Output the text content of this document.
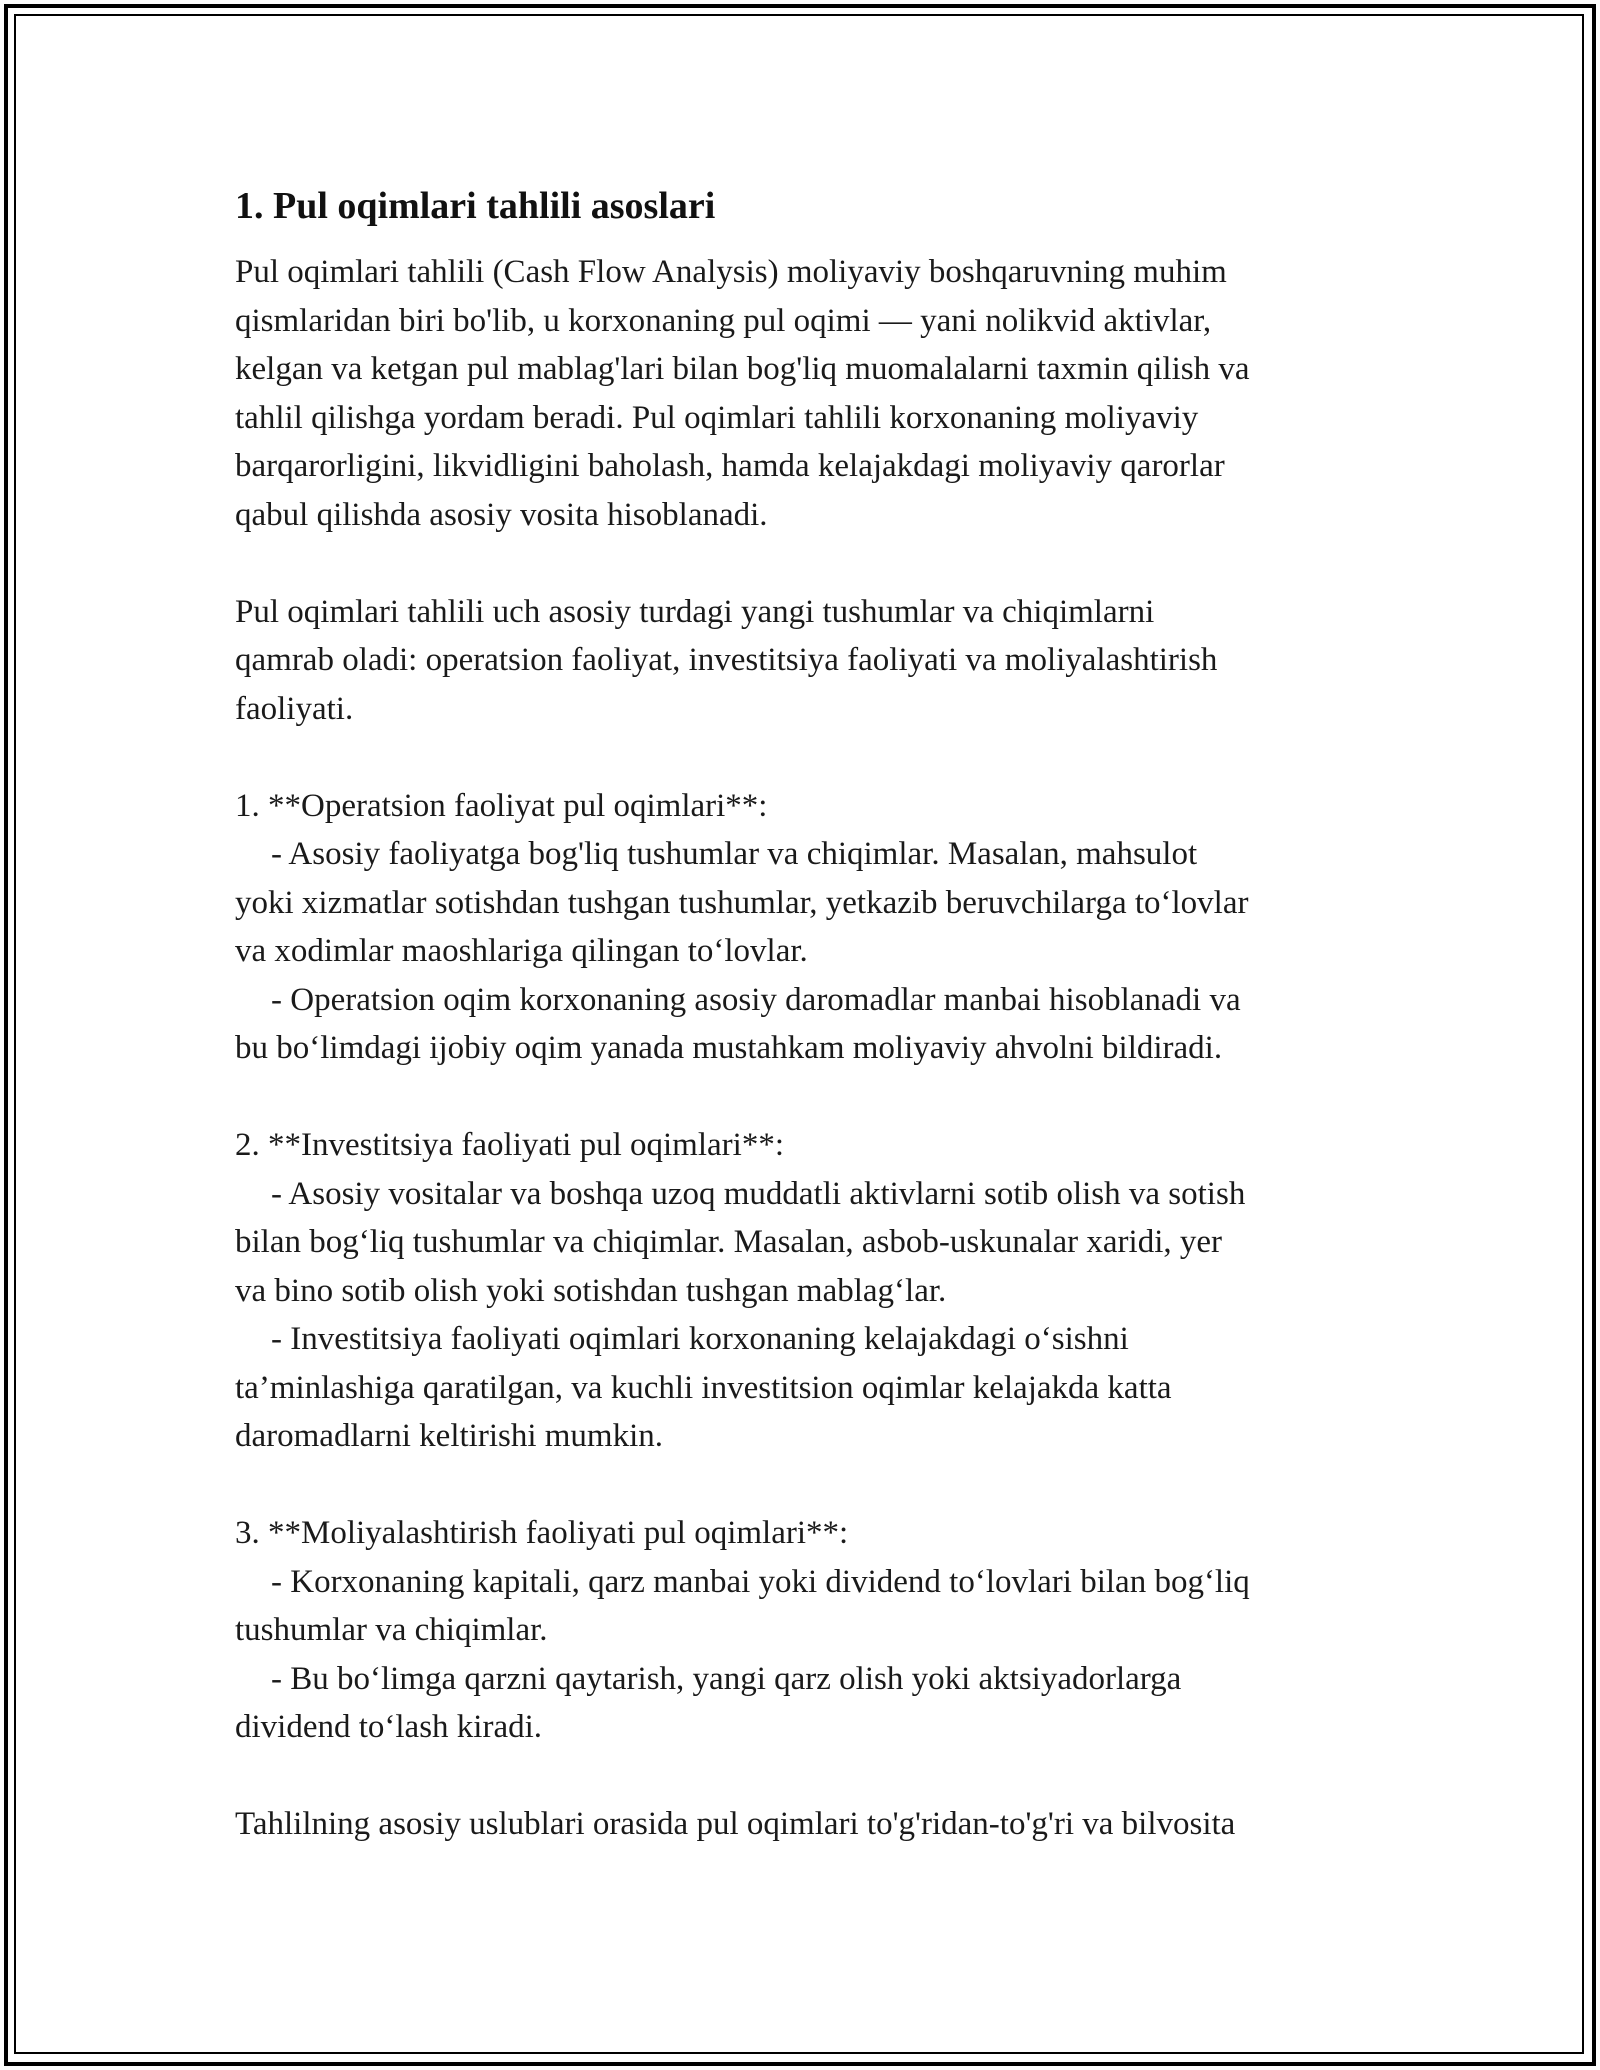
1. Pul oqimlari tahlili asoslari

Pul oqimlari tahlili (Cash Flow Analysis) moliyaviy boshqaruvning muhim
qismlaridan biri bo'lib, u korxonaning pul oqimi — yani nolikvid aktivlar,
kelgan va ketgan pul mablag'lari bilan bog'liq muomalalarni taxmin qilish va
tahlil qilishga yordam beradi. Pul oqimlari tahlili korxonaning moliyaviy
barqarorligini, likvidligini baholash, hamda kelajakdagi moliyaviy qarorlar
qabul qilishda asosiy vosita hisoblanadi.

Pul oqimlari tahlili uch asosiy turdagi yangi tushumlar va chiqimlarni
qamrab oladi: operatsion faoliyat, investitsiya faoliyati va moliyalashtirish
faoliyati.

1. **Operatsion faoliyat pul oqimlari**:
- Asosiy faoliyatga bog'liq tushumlar va chiqimlar. Masalan, mahsulot
yoki xizmatlar sotishdan tushgan tushumlar, yetkazib beruvchilarga to‘lovlar
va xodimlar maoshlariga qilingan to‘lovlar.
- Operatsion oqim korxonaning asosiy daromadlar manbai hisoblanadi va
bu bo‘limdagi ijobiy oqim yanada mustahkam moliyaviy ahvolni bildiradi.

2. **Investitsiya faoliyati pul oqimlari**:
- Asosiy vositalar va boshqa uzoq muddatli aktivlarni sotib olish va sotish
bilan bog‘liq tushumlar va chiqimlar. Masalan, asbob-uskunalar xaridi, yer
va bino sotib olish yoki sotishdan tushgan mablag‘lar.
- Investitsiya faoliyati oqimlari korxonaning kelajakdagi o‘sishni
ta’minlashiga qaratilgan, va kuchli investitsion oqimlar kelajakda katta
daromadlarni keltirishi mumkin.

3. **Moliyalashtirish faoliyati pul oqimlari**:
- Korxonaning kapitali, qarz manbai yoki dividend to‘lovlari bilan bog‘liq
tushumlar va chiqimlar.
- Bu bo‘limga qarzni qaytarish, yangi qarz olish yoki aktsiyadorlarga
dividend to‘lash kiradi.

Tahlilning asosiy uslublari orasida pul oqimlari to'g'ridan-to'g'ri va bilvosita
